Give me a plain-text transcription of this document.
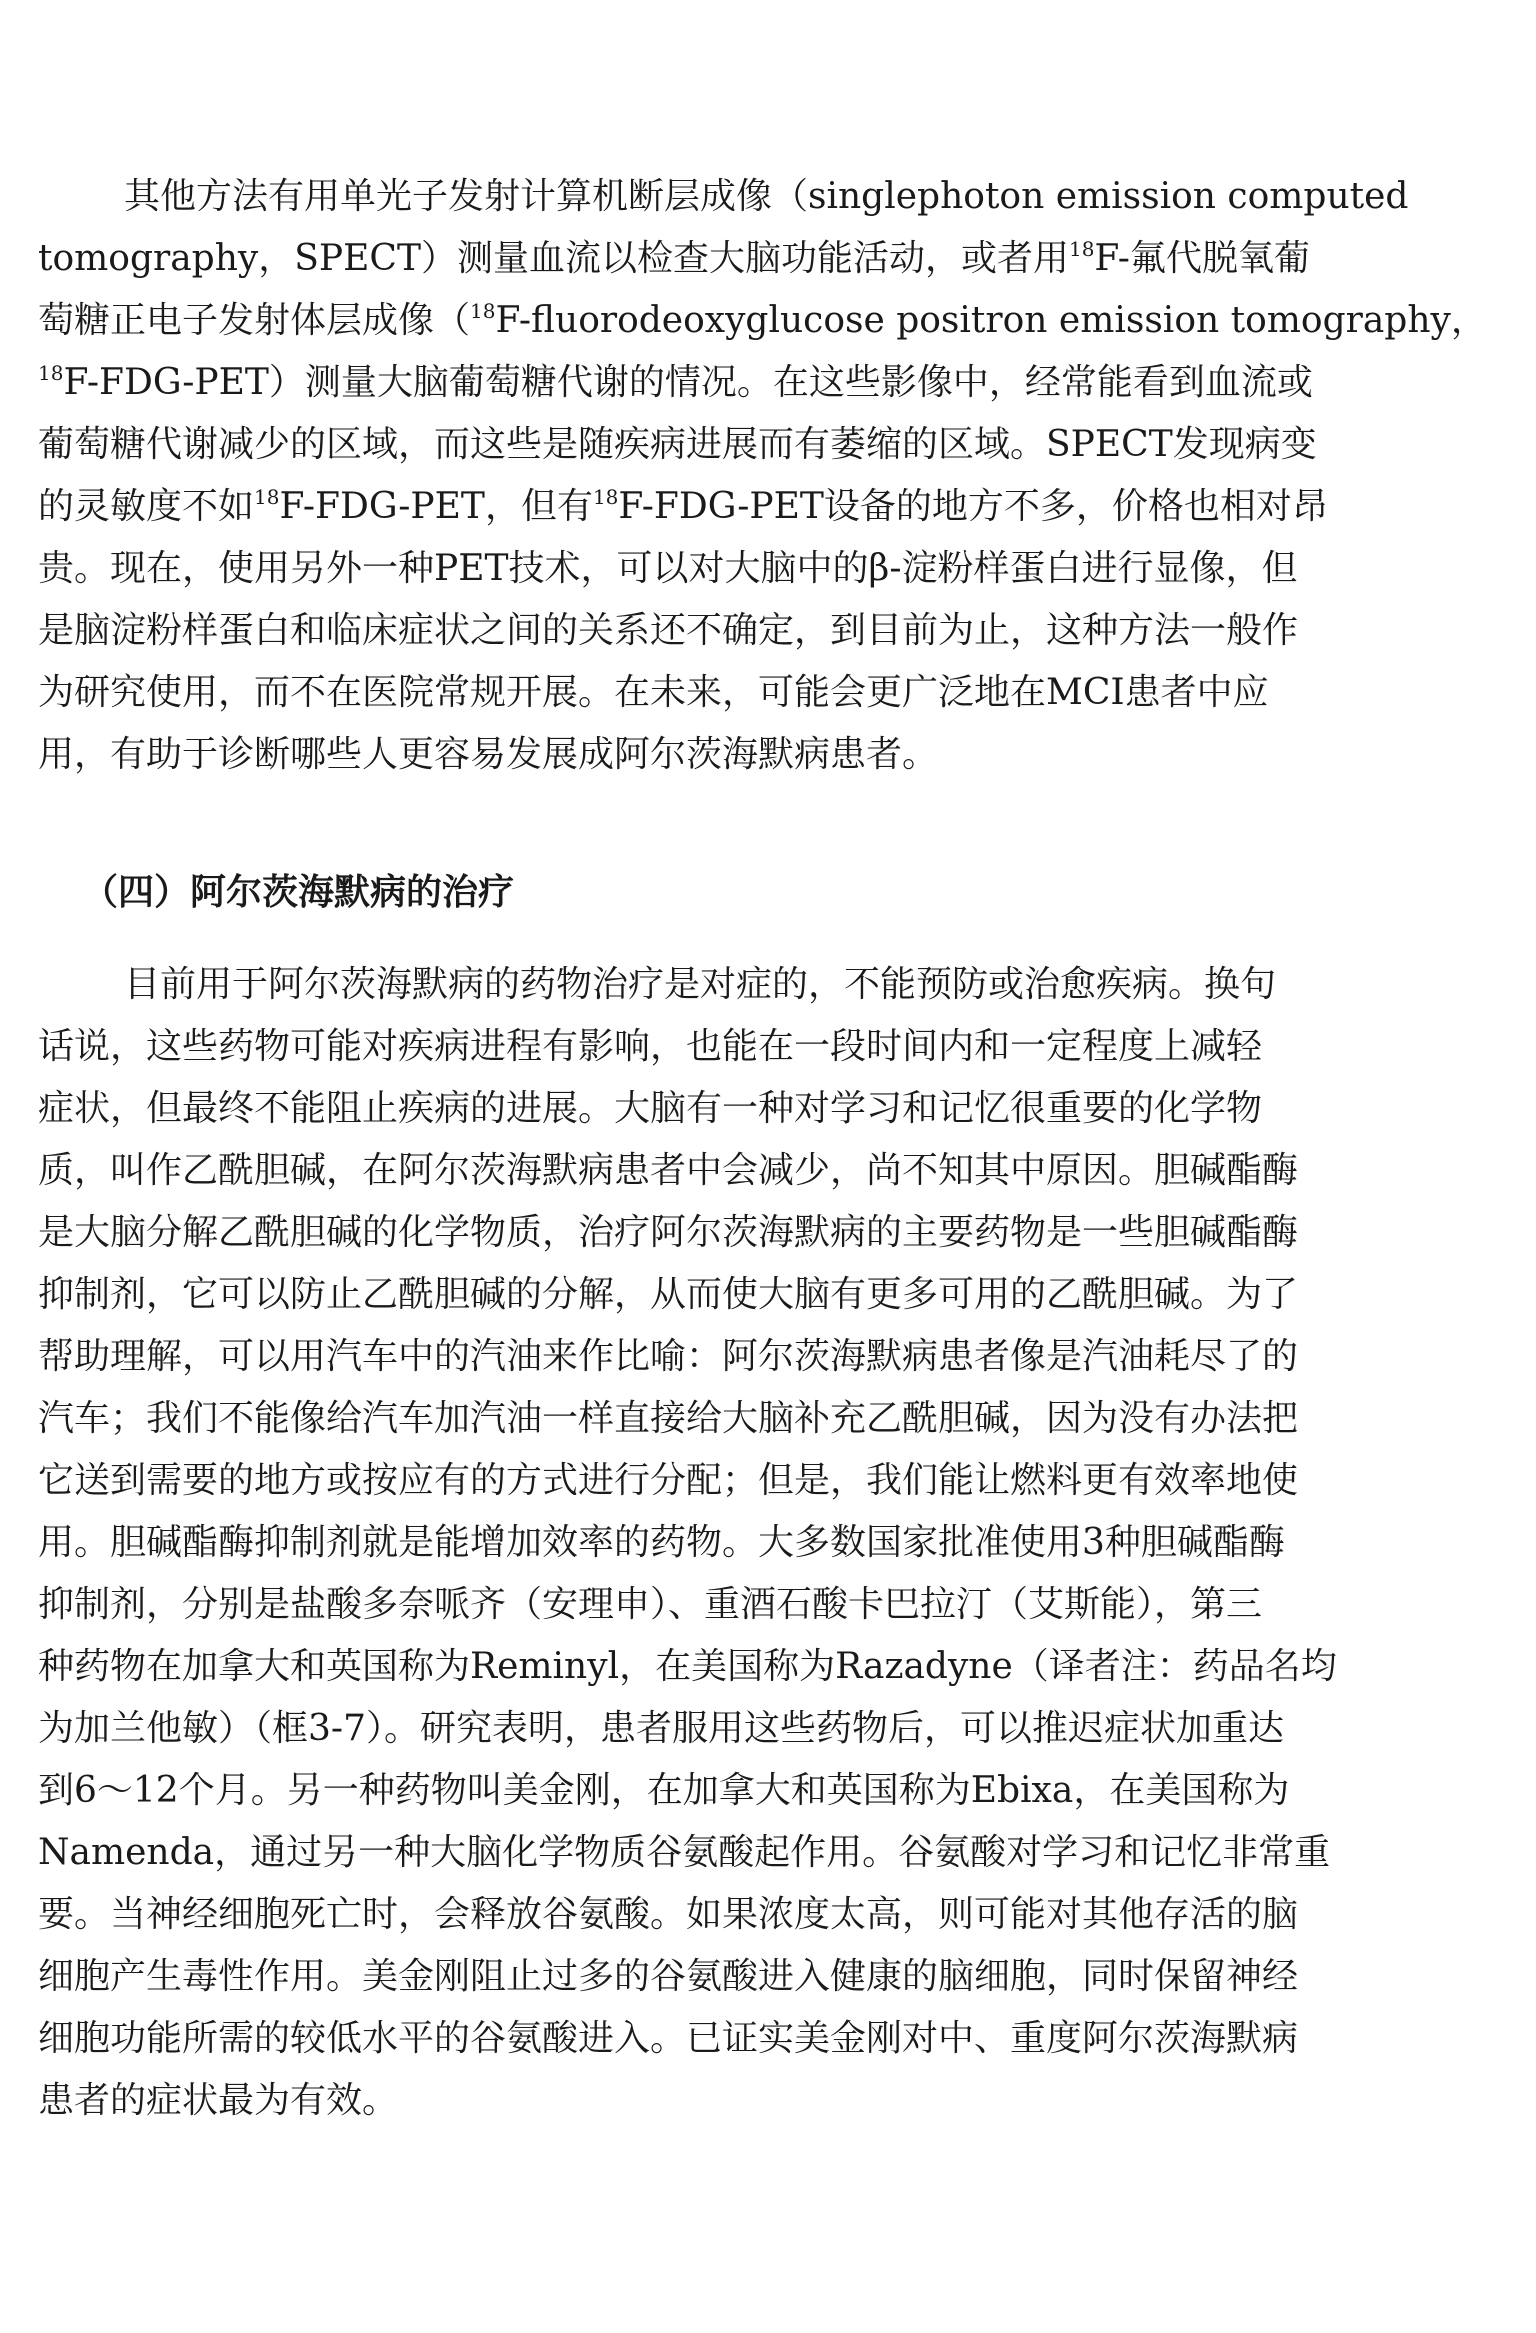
其他方法有用单光子发射计算机断层成像（singlephoton emission computed
tomography，SPECT）测量血流以检查大脑功能活动，或者用$^{18}$F-氟代脱氧葡
萄糖正电子发射体层成像（$^{18}$F-fluorodeoxyglucose positron emission tomography，
$^{18}$F-FDG-PET）测量大脑葡萄糖代谢的情况。在这些影像中，经常能看到血流或
葡萄糖代谢减少的区域，而这些是随疾病进展而有萎缩的区域。SPECT发现病变
的灵敏度不如$^{18}$F-FDG-PET，但有$^{18}$F-FDG-PET设备的地方不多，价格也相对昂
贵。现在，使用另外一种PET技术，可以对大脑中的β-淀粉样蛋白进行显像，但
是脑淀粉样蛋白和临床症状之间的关系还不确定，到目前为止，这种方法一般作
为研究使用，而不在医院常规开展。在未来，可能会更广泛地在MCI患者中应
用，有助于诊断哪些人更容易发展成阿尔茨海默病患者。
（四）阿尔茨海默病的治疗
目前用于阿尔茨海默病的药物治疗是对症的，不能预防或治愈疾病。换句
话说，这些药物可能对疾病进程有影响，也能在一段时间内和一定程度上减轻
症状，但最终不能阻止疾病的进展。大脑有一种对学习和记忆很重要的化学物
质，叫作乙酰胆碱，在阿尔茨海默病患者中会减少，尚不知其中原因。胆碱酯酶
是大脑分解乙酰胆碱的化学物质，治疗阿尔茨海默病的主要药物是一些胆碱酯酶
抑制剂，它可以防止乙酰胆碱的分解，从而使大脑有更多可用的乙酰胆碱。为了
帮助理解，可以用汽车中的汽油来作比喻：阿尔茨海默病患者像是汽油耗尽了的
汽车；我们不能像给汽车加汽油一样直接给大脑补充乙酰胆碱，因为没有办法把
它送到需要的地方或按应有的方式进行分配；但是，我们能让燃料更有效率地使
用。胆碱酯酶抑制剂就是能增加效率的药物。大多数国家批准使用3种胆碱酯酶
抑制剂，分别是盐酸多奈哌齐（安理申）、重酒石酸卡巴拉汀（艾斯能），第三
种药物在加拿大和英国称为Reminyl，在美国称为Razadyne（译者注：药品名均
为加兰他敏）（框3-7）。研究表明，患者服用这些药物后，可以推迟症状加重达
到6～12个月。另一种药物叫美金刚，在加拿大和英国称为Ebixa，在美国称为
Namenda，通过另一种大脑化学物质谷氨酸起作用。谷氨酸对学习和记忆非常重
要。当神经细胞死亡时，会释放谷氨酸。如果浓度太高，则可能对其他存活的脑
细胞产生毒性作用。美金刚阻止过多的谷氨酸进入健康的脑细胞，同时保留神经
细胞功能所需的较低水平的谷氨酸进入。已证实美金刚对中、重度阿尔茨海默病
患者的症状最为有效。
